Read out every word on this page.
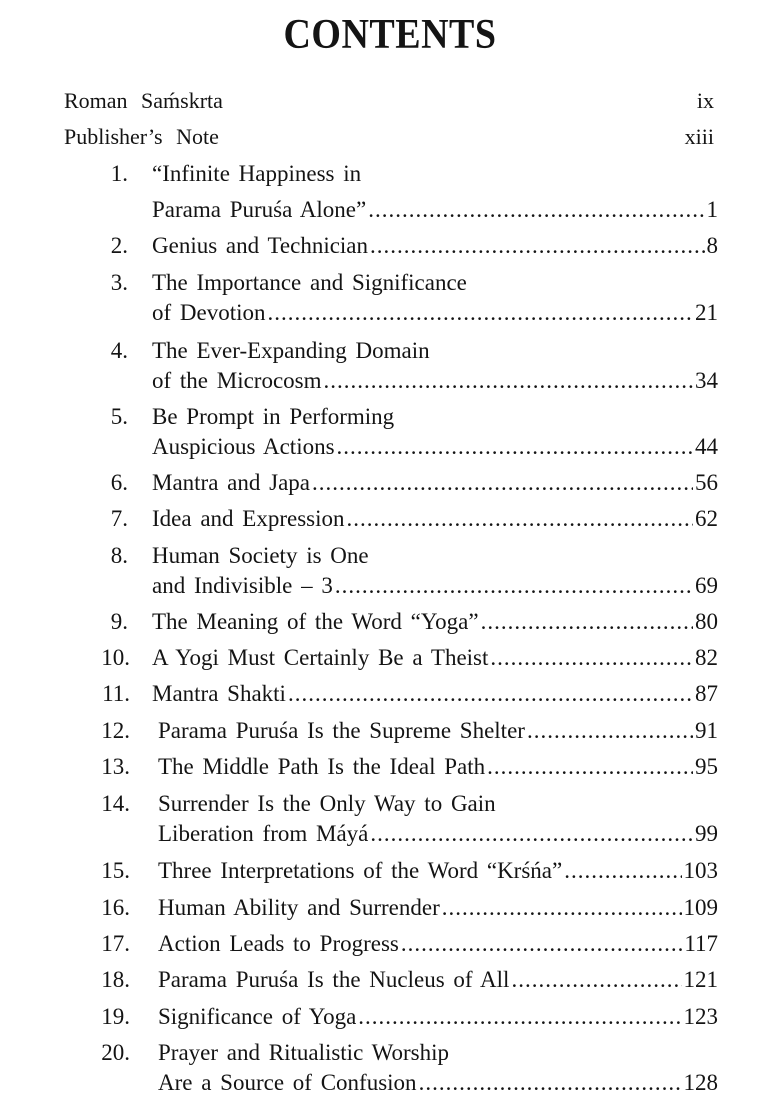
CONTENTS
Roman Saḿskrta	ix
Publisher’s Note	xiii
1. “Infinite Happiness in
Parama Puruśa Alone” .....	1
2. Genius and Technician .....	8
3. The Importance and Significance
of Devotion .....	21
4. The Ever-Expanding Domain
of the Microcosm .....	34
5. Be Prompt in Performing
Auspicious Actions .....	44
6. Mantra and Japa .....	56
7. Idea and Expression .....	62
8. Human Society is One
and Indivisible – 3 .....	69
9. The Meaning of the Word “Yoga” .....	80
10. A Yogi Must Certainly Be a Theist .....	82
11. Mantra Shakti .....	87
12. Parama Puruśa Is the Supreme Shelter .....	91
13. The Middle Path Is the Ideal Path .....	95
14. Surrender Is the Only Way to Gain
Liberation from Máyá .....	99
15. Three Interpretations of the Word “Krśńa” .....	103
16. Human Ability and Surrender .....	109
17. Action Leads to Progress .....	117
18. Parama Puruśa Is the Nucleus of All .....	121
19. Significance of Yoga .....	123
20. Prayer and Ritualistic Worship
Are a Source of Confusion .....	128
